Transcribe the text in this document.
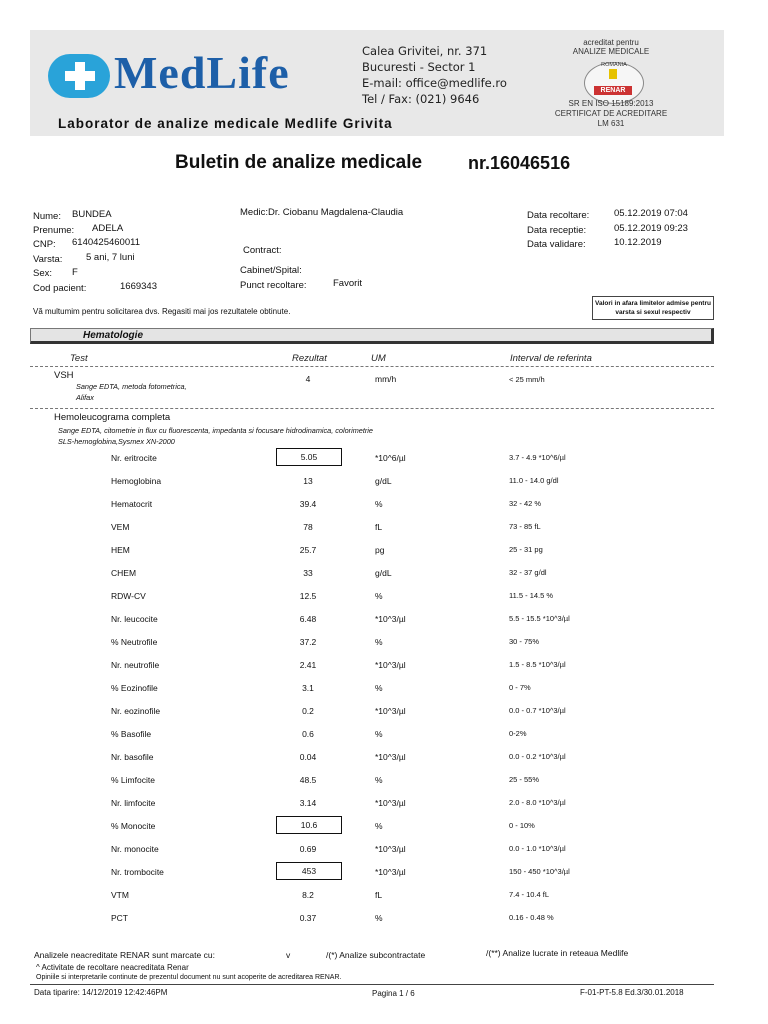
MedLife	Calea Grivitei, nr. 371
Bucuresti - Sector 1
E-mail: office@medlife.ro
Tel / Fax: (021) 9646
acreditat pentru
ANALIZE MEDICALE
ROMANIA
RENAR
SR EN ISO 15189:2013
CERTIFICAT DE ACREDITARE
LM 631
Laborator de analize medicale Medlife Grivita
Buletin de analize medicale	nr.16046516
Nume: BUNDEA
Prenume: ADELA
CNP: 6140425460011
Varsta: 5 ani, 7 luni
Sex: F
Cod pacient:	1669343
Medic:Dr. Ciobanu Magdalena-Claudia
Contract:
Cabinet/Spital:
Punct recoltare:	Favorit
Data recoltare:	05.12.2019 07:04
Data receptie:	05.12.2019 09:23
Data validare:	10.12.2019
Vă multumim pentru solicitarea dvs. Regasiti mai jos rezultatele obtinute.
Valori in afara limitelor admise pentru varsta si sexul respectiv
Hematologie
Test	Rezultat	UM	Interval de referinta
VSH
Sange EDTA, metoda fotometrica,
Alifax
4	mm/h	< 25 mm/h
Hemoleucograma completa
Sange EDTA, citometrie in flux cu fluorescenta, impedanta si focusare hidrodinamica, colorimetrie
SLS-hemoglobina,Sysmex XN-2000
Nr. eritrocite	5.05	*10^6/µl	3.7 - 4.9 *10^6/µl
Hemoglobina	13	g/dL	11.0 - 14.0 g/dl
Hematocrit	39.4	%	32 - 42 %
VEM	78	fL	73 - 85 fL
HEM	25.7	pg	25 - 31 pg
CHEM	33	g/dL	32 - 37 g/dl
RDW-CV	12.5	%	11.5 - 14.5 %
Nr. leucocite	6.48	*10^3/µl	5.5 - 15.5 *10^3/µl
% Neutrofile	37.2	%	30 - 75%
Nr. neutrofile	2.41	*10^3/µl	1.5 - 8.5 *10^3/µl
% Eozinofile	3.1	%	0 - 7%
Nr. eozinofile	0.2	*10^3/µl	0.0 - 0.7 *10^3/µl
% Basofile	0.6	%	0-2%
Nr. basofile	0.04	*10^3/µl	0.0 - 0.2 *10^3/µl
% Limfocite	48.5	%	25 - 55%
Nr. limfocite	3.14	*10^3/µl	2.0 - 8.0 *10^3/µl
% Monocite	10.6	%	0 - 10%
Nr. monocite	0.69	*10^3/µl	0.0 - 1.0 *10^3/µl
Nr. trombocite	453	*10^3/µl	150 - 450 *10^3/µl
VTM	8.2	fL	7.4 - 10.4 fL
PCT	0.37	%	0.16 - 0.48 %
Analizele neacreditate RENAR sunt marcate cu:	v	/(*) Analize subcontractate	/(**) Analize lucrate in reteaua Medlife
^ Activitate de recoltare neacreditata Renar
Opiniile si interpretarile continute de prezentul document nu sunt acoperite de acreditarea RENAR.
Data tiparire: 14/12/2019 12:42:46PM	Pagina 1 / 6	F-01-PT-5.8 Ed.3/30.01.2018
